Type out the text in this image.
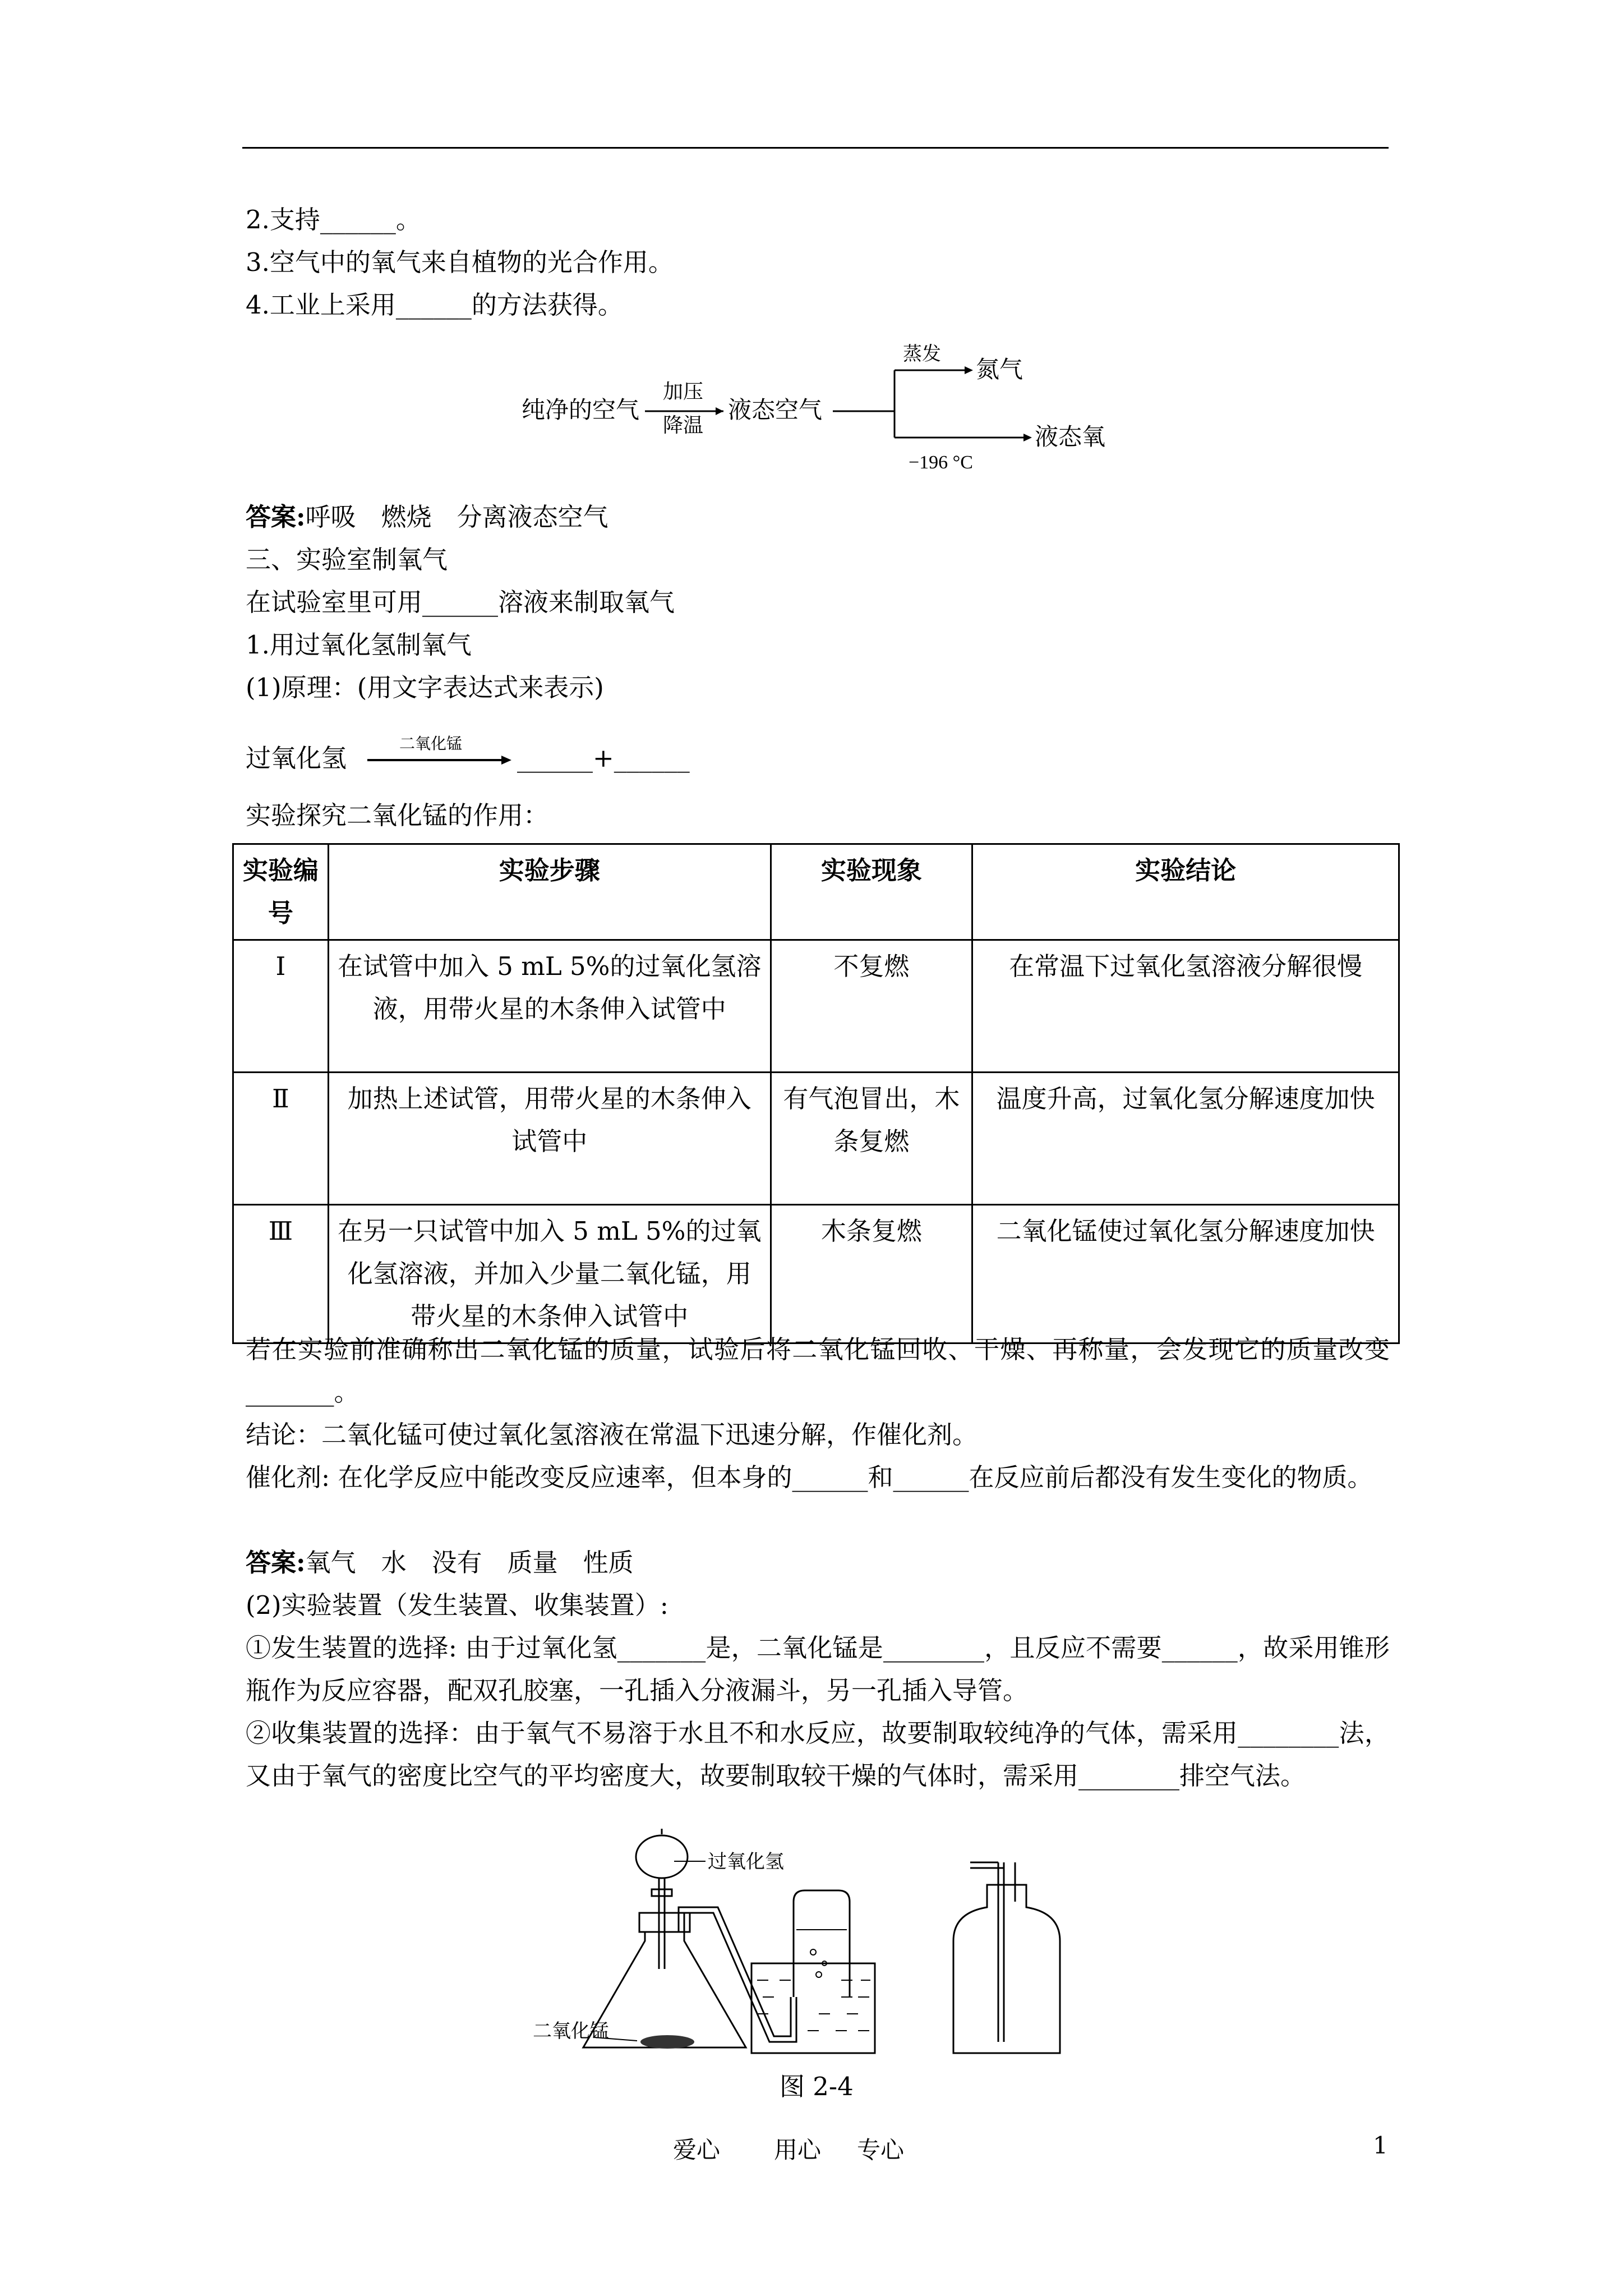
2.支持______。
3.空气中的氧气来自植物的光合作用。
4.工业上采用______的方法获得。
纯净的空气
加压
降温
液态空气
蒸发
氮气
−196 °C
液态氧
答案:呼吸　燃烧　分离液态空气
三、实验室制氧气
在试验室里可用______溶液来制取氧气
1.用过氧化氢制氧气
(1)原理：(用文字表达式来表示)
过氧化氢	二氧化锰 ______+______
实验探究二氧化锰的作用：
实验编号	实验步骤	实验现象	实验结论
Ⅰ	在试管中加入 5 mL 5%的过氧化氢溶液，用带火星的木条伸入试管中	不复燃	在常温下过氧化氢溶液分解很慢
Ⅱ	加热上述试管，用带火星的木条伸入试管中	有气泡冒出，木条复燃	温度升高，过氧化氢分解速度加快
Ⅲ	在另一只试管中加入 5 mL 5%的过氧化氢溶液，并加入少量二氧化锰，用带火星的木条伸入试管中	木条复燃	二氧化锰使过氧化氢分解速度加快
若在实验前准确称出二氧化锰的质量，试验后将二氧化锰回收、干燥、再称量，会发现它的质量改变_______。
结论：二氧化锰可使过氧化氢溶液在常温下迅速分解，作催化剂。
催化剂: 在化学反应中能改变反应速率，但本身的______和______在反应前后都没有发生变化的物质。
答案:氧气　水　没有　质量　性质
(2)实验装置（发生装置、收集装置）:
①发生装置的选择: 由于过氧化氢_______是，二氧化锰是________，且反应不需要______，故采用锥形瓶作为反应容器，配双孔胶塞，一孔插入分液漏斗，另一孔插入导管。
②收集装置的选择：由于氧气不易溶于水且不和水反应，故要制取较纯净的气体，需采用________法，又由于氧气的密度比空气的平均密度大，故要制取较干燥的气体时，需采用________排空气法。
过氧化氢
二氧化锰
图 2-4
爱心 用心 专心	1
